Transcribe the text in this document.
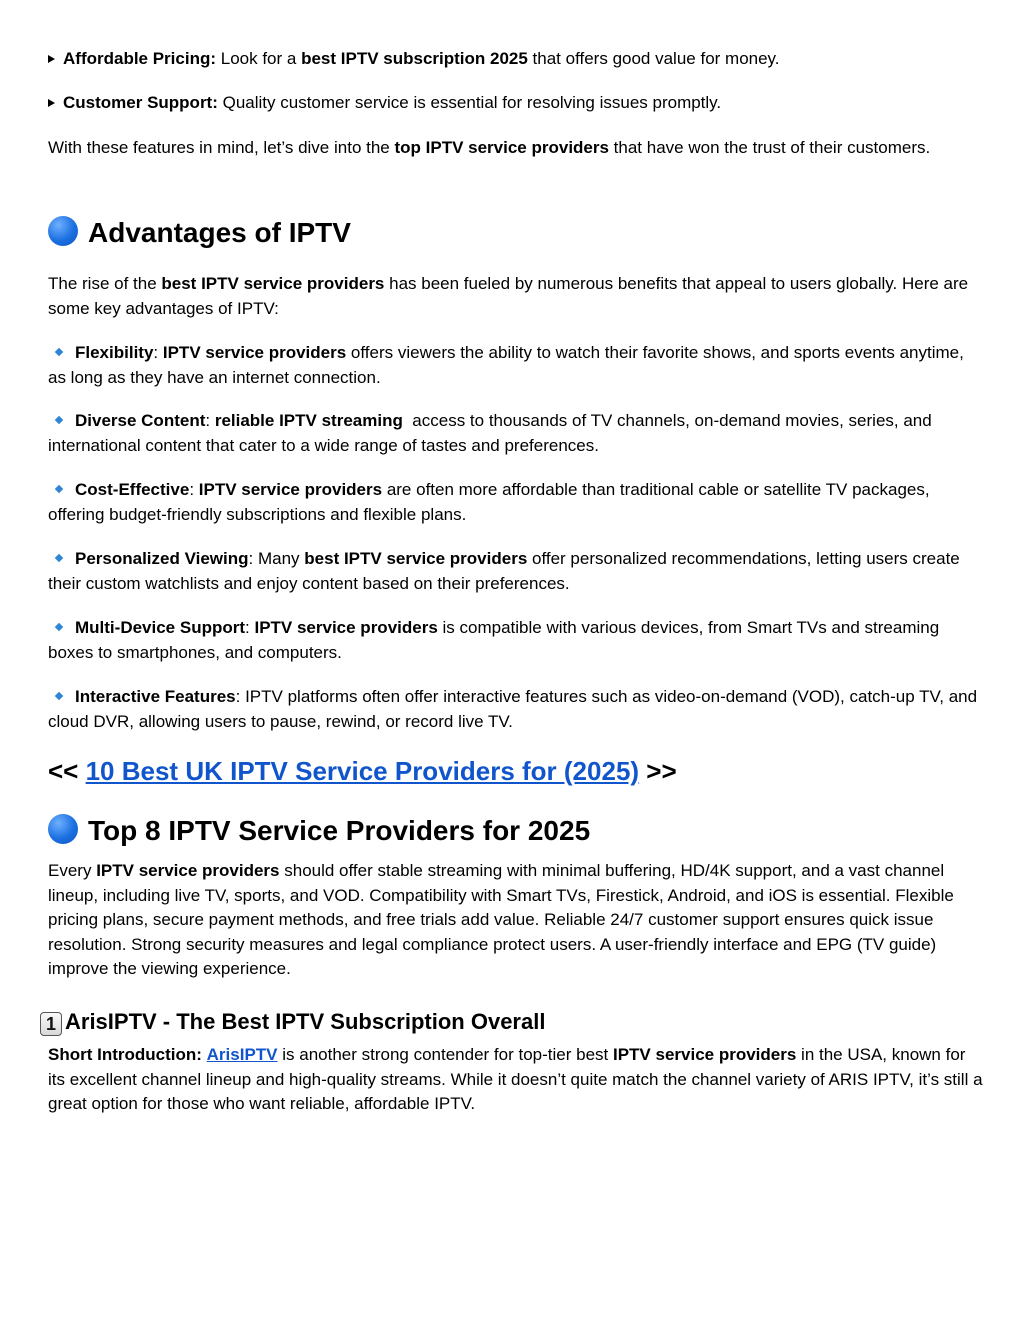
Affordable Pricing: Look for a best IPTV subscription 2025 that offers good value for money.
Customer Support: Quality customer service is essential for resolving issues promptly.
With these features in mind, let’s dive into the top IPTV service providers that have won the trust of their customers.
Advantages of IPTV
The rise of the best IPTV service providers has been fueled by numerous benefits that appeal to users globally. Here are some key advantages of IPTV:
Flexibility: IPTV service providers offers viewers the ability to watch their favorite shows, and sports events anytime, as long as they have an internet connection.
Diverse Content: reliable IPTV streaming  access to thousands of TV channels, on-demand movies, series, and international content that cater to a wide range of tastes and preferences.
Cost-Effective: IPTV service providers are often more affordable than traditional cable or satellite TV packages, offering budget-friendly subscriptions and flexible plans.
Personalized Viewing: Many best IPTV service providers offer personalized recommendations, letting users create their custom watchlists and enjoy content based on their preferences.
Multi-Device Support: IPTV service providers is compatible with various devices, from Smart TVs and streaming boxes to smartphones, and computers.
Interactive Features: IPTV platforms often offer interactive features such as video-on-demand (VOD), catch-up TV, and cloud DVR, allowing users to pause, rewind, or record live TV.
<< 10 Best UK IPTV Service Providers for (2025) >>
Top 8 IPTV Service Providers for 2025
Every IPTV service providers should offer stable streaming with minimal buffering, HD/4K support, and a vast channel lineup, including live TV, sports, and VOD. Compatibility with Smart TVs, Firestick, Android, and iOS is essential. Flexible pricing plans, secure payment methods, and free trials add value. Reliable 24/7 customer support ensures quick issue resolution. Strong security measures and legal compliance protect users. A user-friendly interface and EPG (TV guide) improve the viewing experience.
1 ArisIPTV - The Best IPTV Subscription Overall
Short Introduction: ArisIPTV is another strong contender for top-tier best IPTV service providers in the USA, known for its excellent channel lineup and high-quality streams. While it doesn’t quite match the channel variety of ARIS IPTV, it’s still a great option for those who want reliable, affordable IPTV.
